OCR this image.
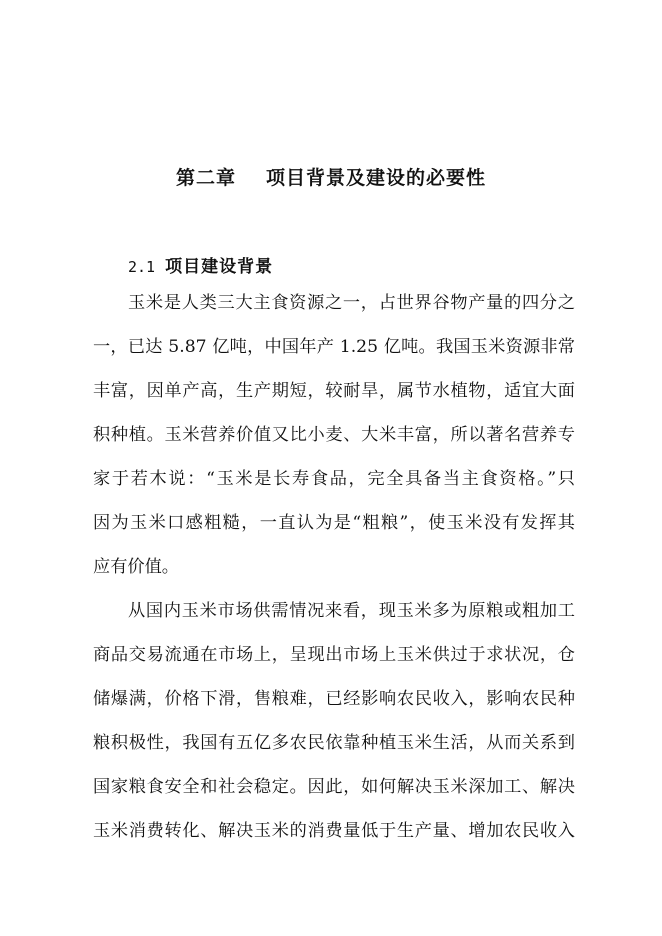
第二章 项目背景及建设的必要性
2.1 项目建设背景
玉米是人类三大主食资源之一，占世界谷物产量的四分之
一，已达 5.87 亿吨，中国年产 1.25 亿吨。我国玉米资源非常
丰富，因单产高，生产期短，较耐旱，属节水植物，适宜大面
积种植。玉米营养价值又比小麦、大米丰富，所以著名营养专
家于若木说：“玉米是长寿食品，完全具备当主食资格。”只
因为玉米口感粗糙，一直认为是“粗粮”，使玉米没有发挥其
应有价值。
从国内玉米市场供需情况来看，现玉米多为原粮或粗加工
商品交易流通在市场上，呈现出市场上玉米供过于求状况，仓
储爆满，价格下滑，售粮难，已经影响农民收入，影响农民种
粮积极性，我国有五亿多农民依靠种植玉米生活，从而关系到
国家粮食安全和社会稳定。因此，如何解决玉米深加工、解决
玉米消费转化、解决玉米的消费量低于生产量、增加农民收入
